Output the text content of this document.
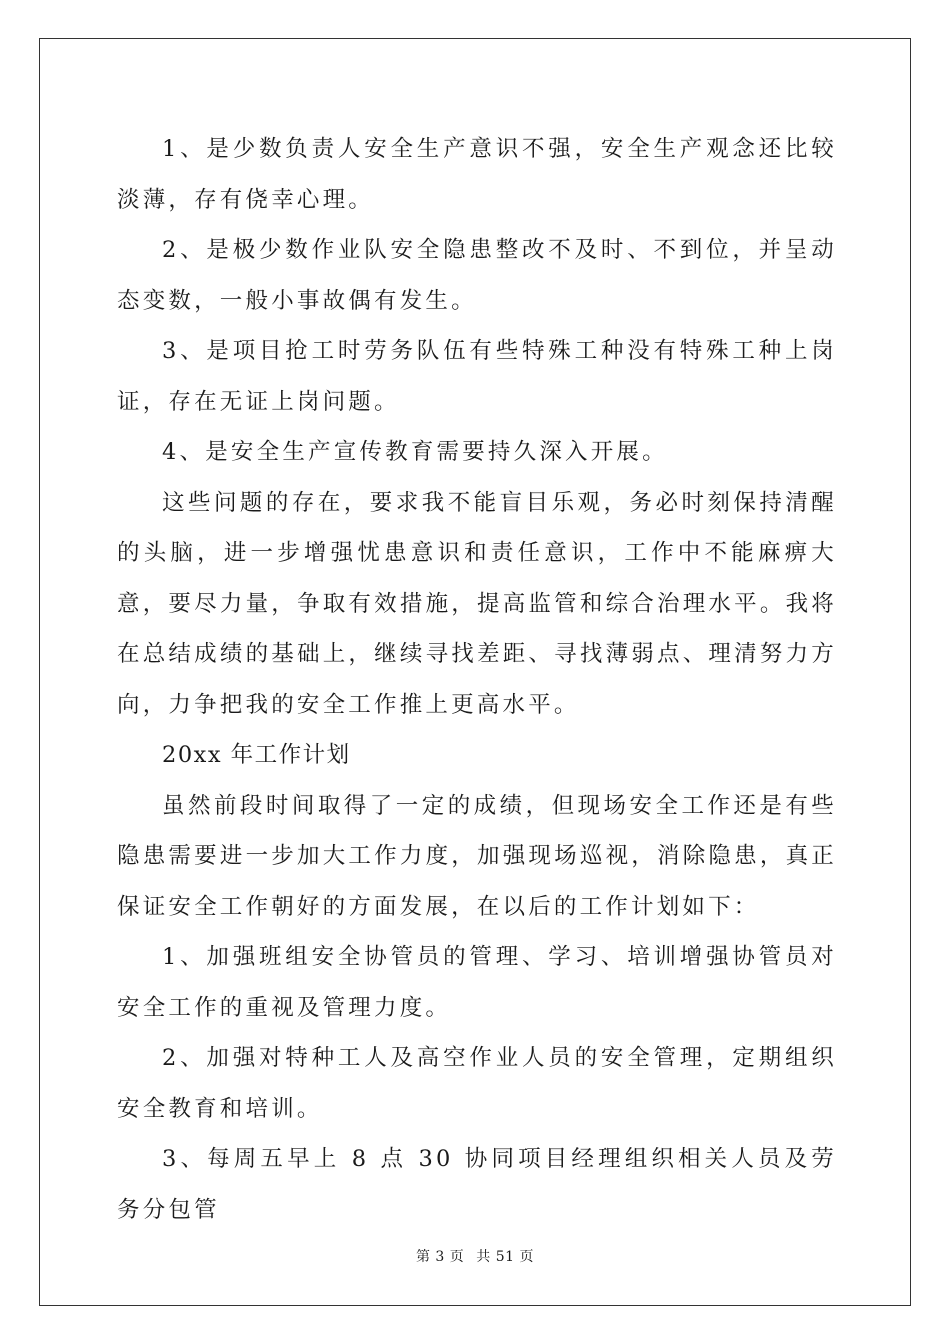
1、是少数负责人安全生产意识不强，安全生产观念还比较淡薄，存有侥幸心理。

2、是极少数作业队安全隐患整改不及时、不到位，并呈动态变数，一般小事故偶有发生。

3、是项目抢工时劳务队伍有些特殊工种没有特殊工种上岗证，存在无证上岗问题。

4、是安全生产宣传教育需要持久深入开展。

这些问题的存在，要求我不能盲目乐观，务必时刻保持清醒的头脑，进一步增强忧患意识和责任意识，工作中不能麻痹大意，要尽力量，争取有效措施，提高监管和综合治理水平。我将在总结成绩的基础上，继续寻找差距、寻找薄弱点、理清努力方向，力争把我的安全工作推上更高水平。

20xx 年工作计划

虽然前段时间取得了一定的成绩，但现场安全工作还是有些隐患需要进一步加大工作力度，加强现场巡视，消除隐患，真正保证安全工作朝好的方面发展，在以后的工作计划如下：

1、加强班组安全协管员的管理、学习、培训增强协管员对安全工作的重视及管理力度。

2、加强对特种工人及高空作业人员的安全管理，定期组织安全教育和培训。

3、每周五早上 8 点 30 协同项目经理组织相关人员及劳务分包管

第 3 页 共 51 页
